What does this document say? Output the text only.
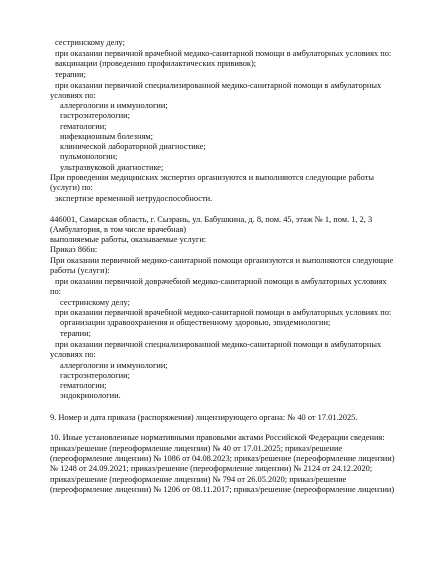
сестринскому делу;
при оказании первичной врачебной медико-санитарной помощи в амбулаторных условиях по:
вакцинации (проведению профилактических прививок);
терапии;
при оказании первичной специализированной медико-санитарной помощи в амбулаторных
условиях по:
аллергологии и иммунологии;
гастроэнтерологии;
гематологии;
инфекционным болезням;
клинической лабораторной диагностике;
пульмонологии;
ультразвуковой диагностике;
При проведении медицинских экспертиз организуются и выполняются следующие работы
(услуги) по:
экспертизе временной нетрудоспособности.
446001, Самарская область, г. Сызрань, ул. Бабушкина, д. 8, пом. 45, этаж № 1, пом. 1, 2, 3
(Амбулатория, в том числе врачебная)
выполняемые работы, оказываемые услуги:
Приказ 866н:
При оказании первичной медико-санитарной помощи организуются и выполняются следующие
работы (услуги):
при оказании первичной доврачебной медико-санитарной помощи в амбулаторных условиях
по:
сестринскому делу;
при оказании первичной врачебной медико-санитарной помощи в амбулаторных условиях по:
организации здравоохранения и общественному здоровью, эпидемиологии;
терапии;
при оказании первичной специализированной медико-санитарной помощи в амбулаторных
условиях по:
аллергологии и иммунологии;
гастроэнтерологии;
гематологии;
эндокринологии.
9. Номер и дата приказа (распоряжения) лицензирующего органа: № 40 от 17.01.2025.
10. Иные установленные нормативными правовыми актами Российской Федерации сведения:
приказ/решение (переоформление лицензии) № 40 от 17.01.2025; приказ/решение
(переоформление лицензии) № 1086 от 04.08.2023; приказ/решение (переоформление лицензии)
№ 1248 от 24.09.2021; приказ/решение (переоформление лицензии) № 2124 от 24.12.2020;
приказ/решение (переоформление лицензии) № 794 от 26.05.2020; приказ/решение
(переоформление лицензии) № 1206 от 08.11.2017; приказ/решение (переоформление лицензии)
